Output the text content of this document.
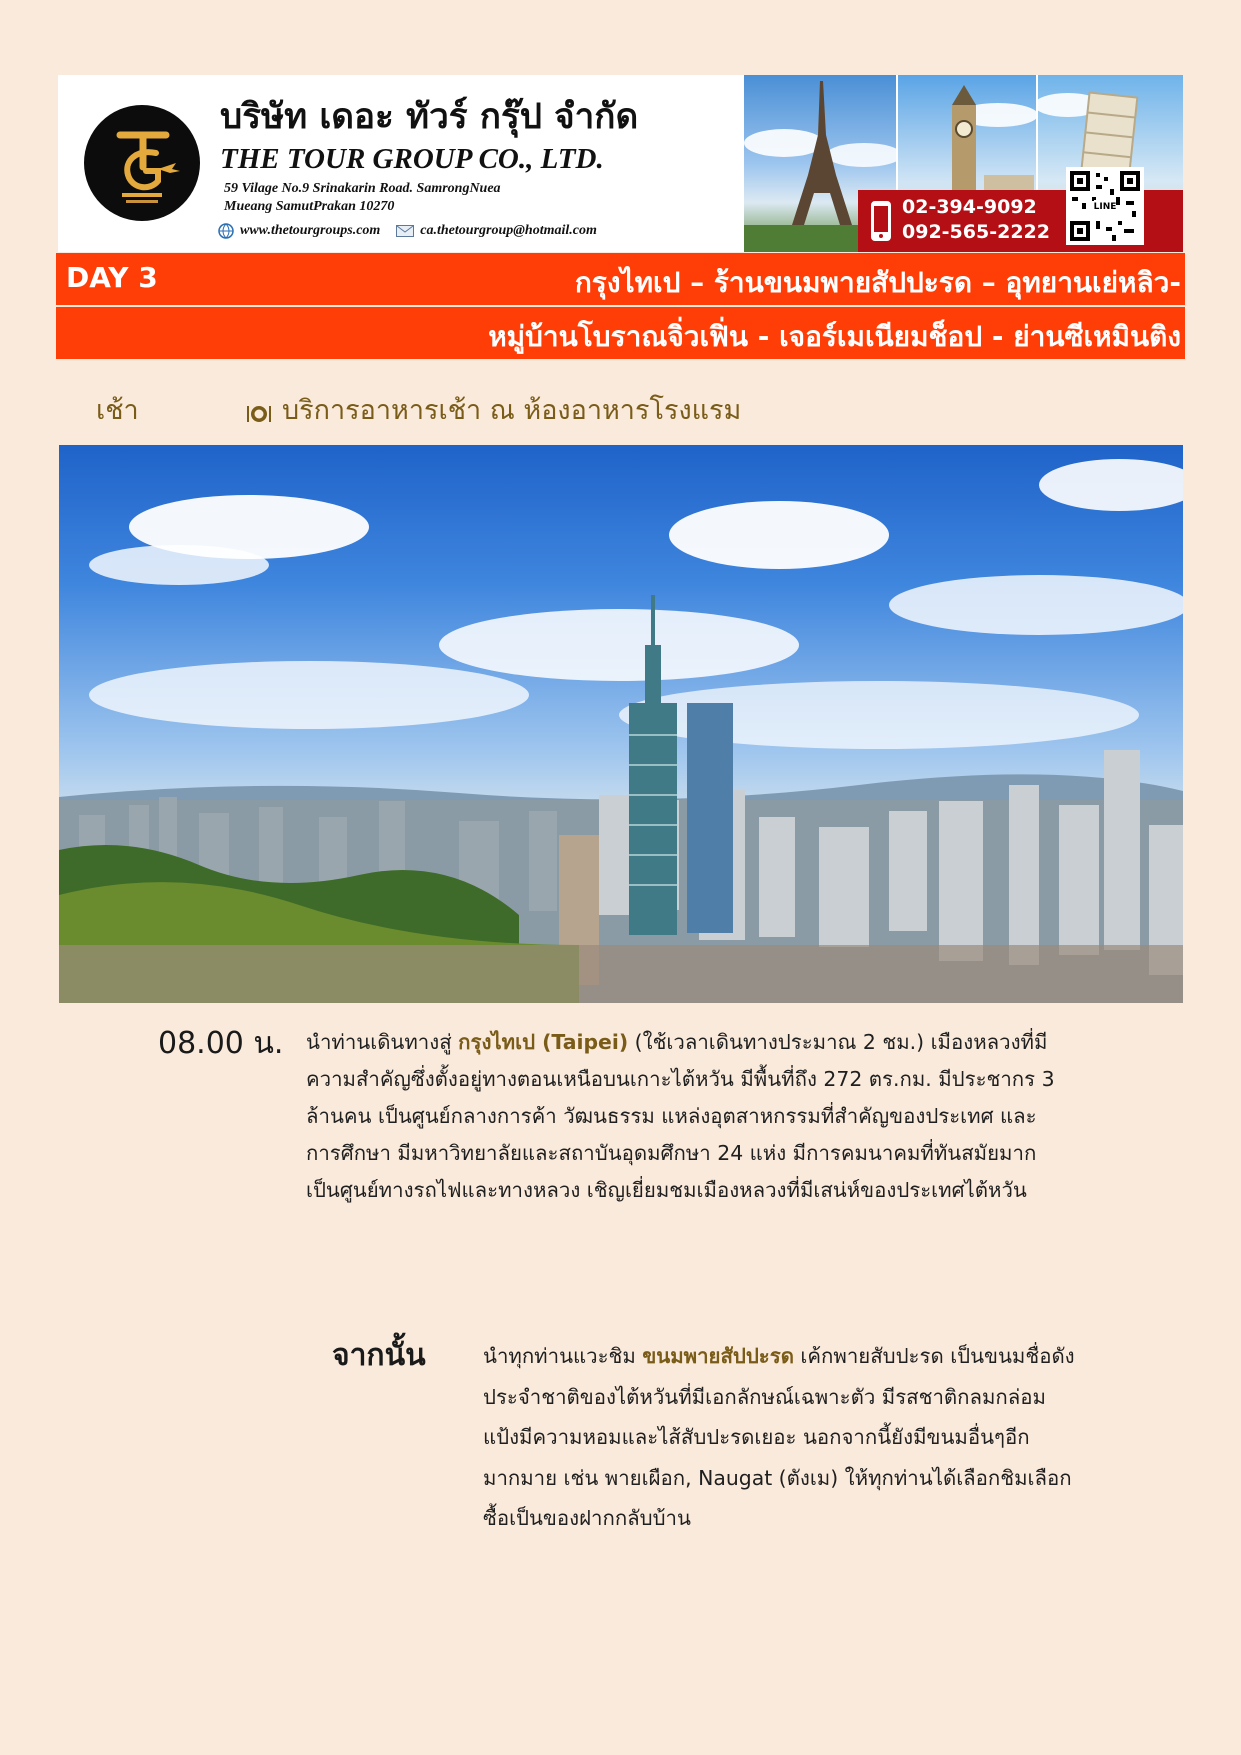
บริษัท เดอะ ทัวร์ กรุ๊ป จำกัด
THE TOUR GROUP CO., LTD.
59 Vilage No.9 Srinakarin Road. SamrongNuea
Mueang SamutPrakan 10270
www.thetourgroups.com	ca.thetourgroup@hotmail.com
02-394-9092
092-565-2222
LINE
DAY 3	กรุงไทเป – ร้านขนมพายสัปปะรด – อุทยานเย่หลิว-
หมู่บ้านโบราณจิ่วเฟิ่น - เจอร์เมเนียมช็อป - ย่านซีเหมินติง
เช้า	บริการอาหารเช้า ณ ห้องอาหารโรงแรม
08.00 น. นำท่านเดินทางสู่ กรุงไทเป (Taipei) (ใช้เวลาเดินทางประมาณ 2 ชม.) เมืองหลวงที่มี
ความสำคัญซึ่งตั้งอยู่ทางตอนเหนือบนเกาะไต้หวัน มีพื้นที่ถึง 272 ตร.กม. มีประชากร 3
ล้านคน เป็นศูนย์กลางการค้า วัฒนธรรม แหล่งอุตสาหกรรมที่สำคัญของประเทศ และ
การศึกษา มีมหาวิทยาลัยและสถาบันอุดมศึกษา 24 แห่ง มีการคมนาคมที่ทันสมัยมาก
เป็นศูนย์ทางรถไฟและทางหลวง เชิญเยี่ยมชมเมืองหลวงที่มีเสน่ห์ของประเทศไต้หวัน
จากนั้น	นำทุกท่านแวะชิม ขนมพายสัปปะรด เค้กพายสับปะรด เป็นขนมชื่อดัง
ประจำชาติของไต้หวันที่มีเอกลักษณ์เฉพาะตัว มีรสชาติกลมกล่อม
แป้งมีความหอมและไส้สับปะรดเยอะ นอกจากนี้ยังมีขนมอื่นๆอีก
มากมาย เช่น พายเผือก, Naugat (ตังเม) ให้ทุกท่านได้เลือกชิมเลือก
ซื้อเป็นของฝากกลับบ้าน
